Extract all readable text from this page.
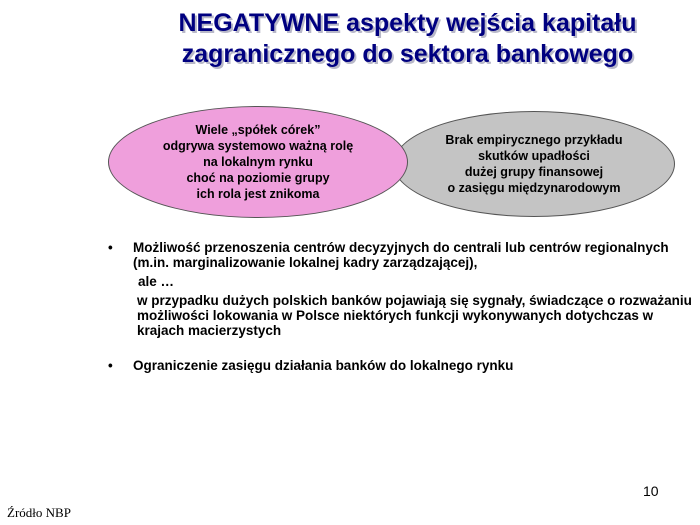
NEGATYWNE aspekty wejścia kapitału
zagranicznego do sektora bankowego
Brak empirycznego przykładu
skutków upadłości
dużej grupy finansowej
o zasięgu międzynarodowym
Wiele „spółek córek”
odgrywa systemowo ważną rolę
na lokalnym rynku
choć na poziomie grupy
ich rola jest znikoma
• Możliwość przenoszenia centrów decyzyjnych do centrali lub centrów regionalnych (m.in. marginalizowanie lokalnej kadry zarządzającej),

ale …

w przypadku dużych polskich banków pojawiają się sygnały, świadczące o rozważaniu możliwości lokowania w Polsce niektórych funkcji wykonywanych dotychczas w krajach macierzystych

• Ograniczenie zasięgu działania banków do lokalnego rynku

10
Źródło NBP
